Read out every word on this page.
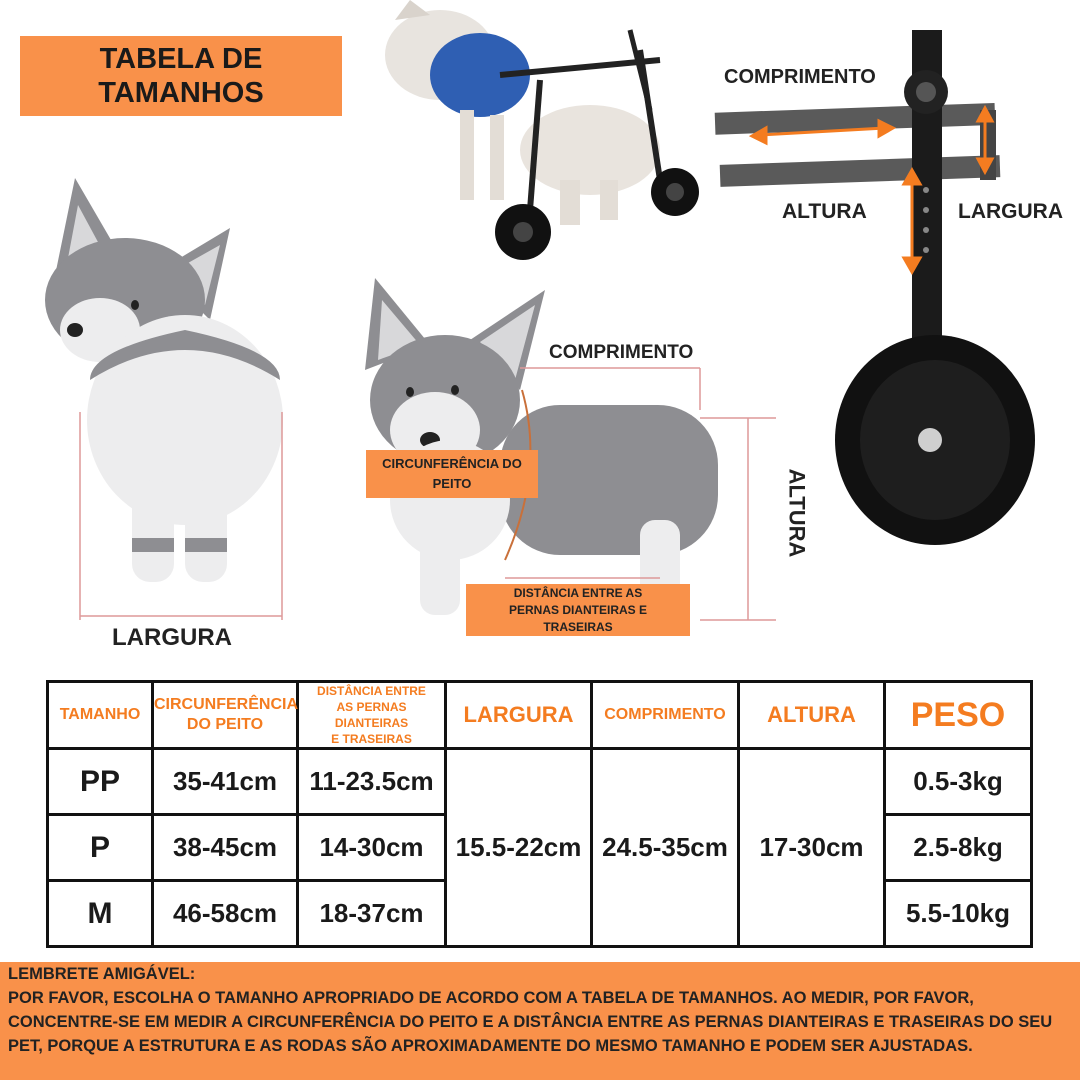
TABELA DE
TAMANHOS	COMPRIMENTO
ALTURA	LARGURA
COMPRIMENTO
ALTURA
LARGURA
CIRCUNFERÊNCIA DO PEITO
DISTÂNCIA ENTRE AS PERNAS DIANTEIRAS E TRASEIRAS
TAMANHO	CIRCUNFERÊNCIA
DO PEITO	DISTÂNCIA ENTRE
AS PERNAS DIANTEIRAS
E TRASEIRAS	LARGURA	COMPRIMENTO	ALTURA	PESO
PP	35-41cm	11-23.5cm	15.5-22cm	24.5-35cm	17-30cm	0.5-3kg
P	38-45cm	14-30cm				2.5-8kg
M	46-58cm	18-37cm				5.5-10kg
LEMBRETE AMIGÁVEL:
POR FAVOR, ESCOLHA O TAMANHO APROPRIADO DE ACORDO COM A TABELA DE TAMANHOS. AO MEDIR, POR FAVOR, CONCENTRE-SE EM MEDIR A CIRCUNFERÊNCIA DO PEITO E A DISTÂNCIA ENTRE AS PERNAS DIANTEIRAS E TRASEIRAS DO SEU PET, PORQUE A ESTRUTURA E AS RODAS SÃO APROXIMADAMENTE DO MESMO TAMANHO E PODEM SER AJUSTADAS.
